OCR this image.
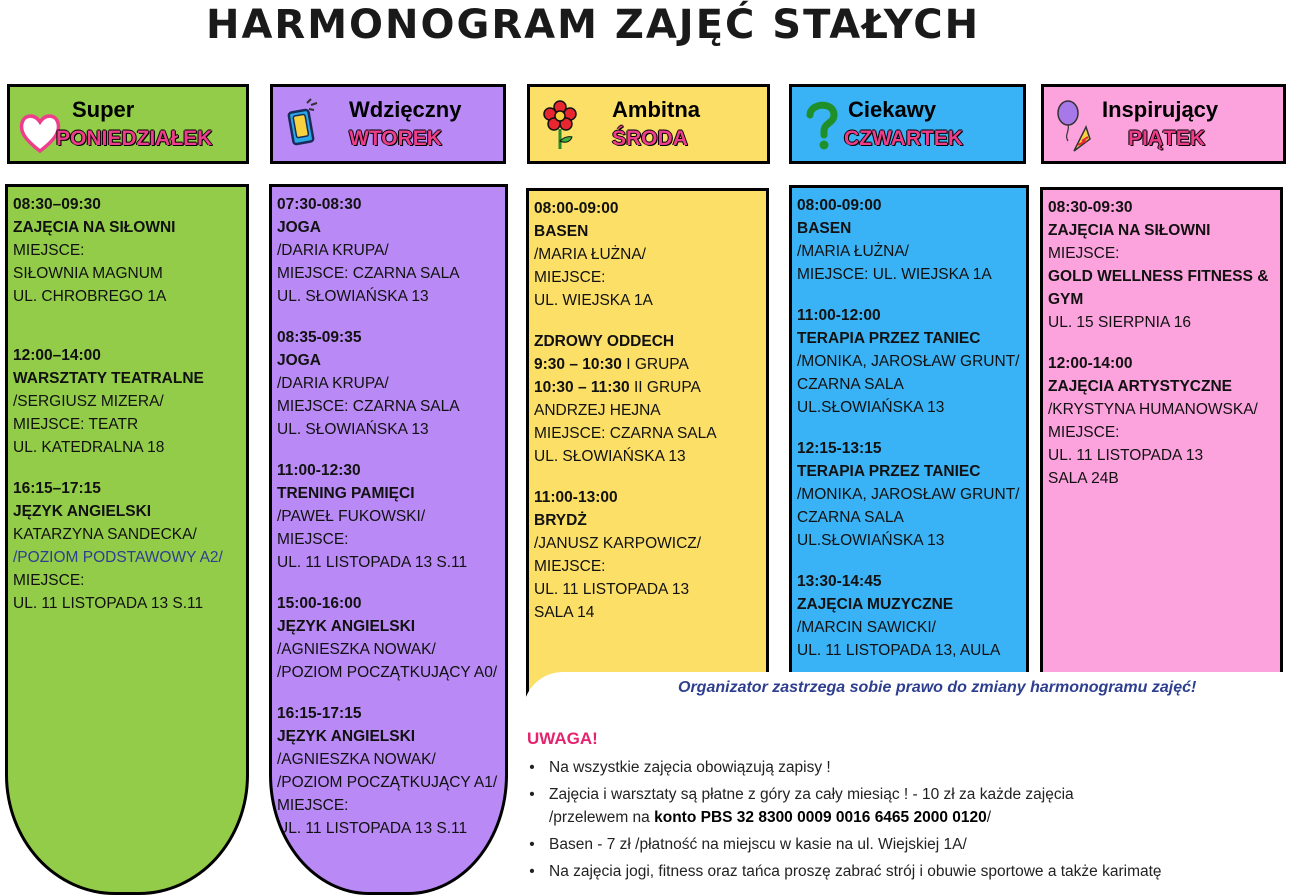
HARMONOGRAM ZAJĘĆ STAŁYCH
Super
PONIEDZIAŁEK
Wdzięczny
WTOREK
Ambitna
ŚRODA
Ciekawy
CZWARTEK
Inspirujący
PIĄTEK
08:30–09:30
ZAJĘCIA NA SIŁOWNI
MIEJSCE:
SIŁOWNIA MAGNUM
UL. CHROBREGO 1A
12:00–14:00
WARSZTATY TEATRALNE
/SERGIUSZ MIZERA/
MIEJSCE: TEATR
UL. KATEDRALNA 18
16:15–17:15
JĘZYK ANGIELSKI
KATARZYNA SANDECKA/
/POZIOM PODSTAWOWY A2/
MIEJSCE:
UL. 11 LISTOPADA 13 S.11
07:30-08:30
JOGA
/DARIA KRUPA/
MIEJSCE: CZARNA SALA
UL. SŁOWIAŃSKA 13
08:35-09:35
JOGA
/DARIA KRUPA/
MIEJSCE: CZARNA SALA
UL. SŁOWIAŃSKA 13
11:00-12:30
TRENING PAMIĘCI
/PAWEŁ FUKOWSKI/
MIEJSCE:
UL. 11 LISTOPADA 13 S.11
15:00-16:00
JĘZYK ANGIELSKI
/AGNIESZKA NOWAK/
/POZIOM POCZĄTKUJĄCY A0/
16:15-17:15
JĘZYK ANGIELSKI
/AGNIESZKA NOWAK/
/POZIOM POCZĄTKUJĄCY A1/
MIEJSCE:
UL. 11 LISTOPADA 13 S.11
08:00-09:00
BASEN
/MARIA ŁUŻNA/
MIEJSCE:
UL. WIEJSKA 1A
ZDROWY ODDECH
9:30 – 10:30 I GRUPA
10:30 – 11:30 II GRUPA
ANDRZEJ HEJNA
MIEJSCE: CZARNA SALA
UL. SŁOWIAŃSKA 13
11:00-13:00
BRYDŻ
/JANUSZ KARPOWICZ/
MIEJSCE:
UL. 11 LISTOPADA 13
SALA 14
08:00-09:00
BASEN
/MARIA ŁUŻNA/
MIEJSCE: UL. WIEJSKA 1A
11:00-12:00
TERAPIA PRZEZ TANIEC
/MONIKA, JAROSŁAW GRUNT/
CZARNA SALA
UL.SŁOWIAŃSKA 13
12:15-13:15
TERAPIA PRZEZ TANIEC
/MONIKA, JAROSŁAW GRUNT/
CZARNA SALA
UL.SŁOWIAŃSKA 13
13:30-14:45
ZAJĘCIA MUZYCZNE
/MARCIN SAWICKI/
UL. 11 LISTOPADA 13, AULA
08:30-09:30
ZAJĘCIA NA SIŁOWNI
MIEJSCE:
GOLD WELLNESS FITNESS &
GYM
UL. 15 SIERPNIA 16
12:00-14:00
ZAJĘCIA ARTYSTYCZNE
/KRYSTYNA HUMANOWSKA/
MIEJSCE:
UL. 11 LISTOPADA 13
SALA 24B
Organizator zastrzega sobie prawo do zmiany harmonogramu zajęć!
UWAGA!
• Na wszystkie zajęcia obowiązują zapisy !
• Zajęcia i warsztaty są płatne z góry za cały miesiąc ! - 10 zł za każde zajęcia
/przelewem na konto PBS 32 8300 0009 0016 6465 2000 0120/
• Basen - 7 zł /płatność na miejscu w kasie na ul. Wiejskiej 1A/
• Na zajęcia jogi, fitness oraz tańca proszę zabrać strój i obuwie sportowe a także karimatę
